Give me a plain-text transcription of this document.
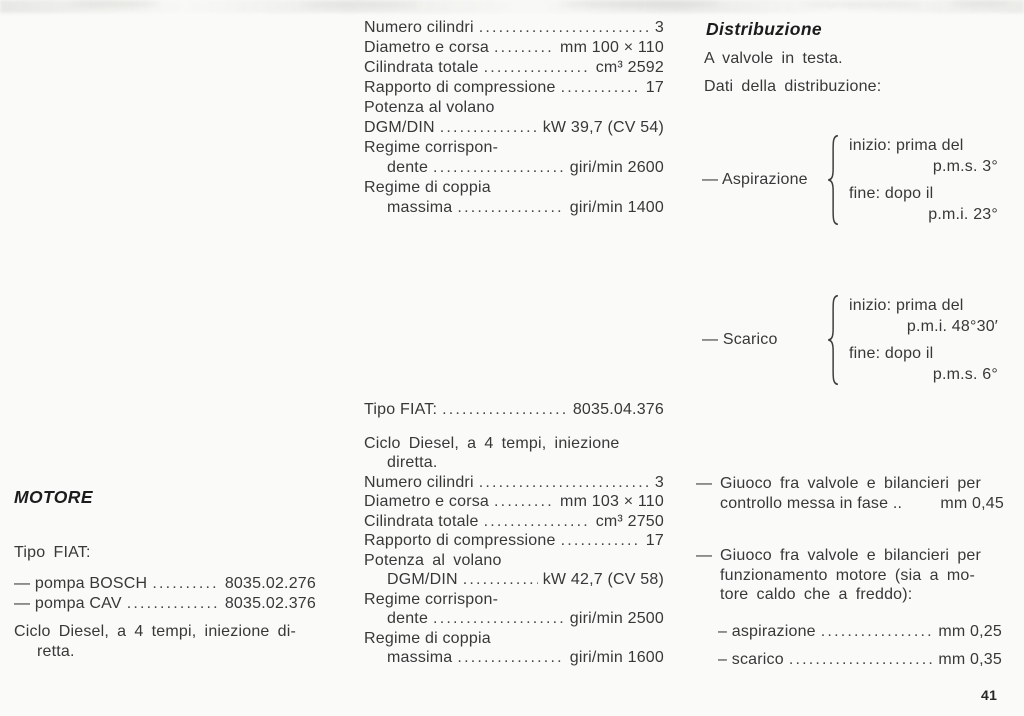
MOTORE
Tipo FIAT:
— pompa BOSCH .....	8035.02.276
— pompa CAV .....	8035.02.376
Ciclo Diesel, a 4 tempi, iniezione di-
retta.
Numero cilindri .....	3
Diametro e corsa .....	mm 100 × 110
Cilindrata totale .....	cm³ 2592
Rapporto di compressione .....	17
Potenza al volano
DGM/DIN .....	kW 39,7 (CV 54)
Regime corrispon-
dente .....	giri/min 2600
Regime di coppia
massima .....	giri/min 1400
Tipo FIAT: .....	8035.04.376
Ciclo Diesel, a 4 tempi, iniezione
diretta.
Numero cilindri .....	3
Diametro e corsa .....	mm 103 × 110
Cilindrata totale .....	cm³ 2750
Rapporto di compressione .....	17
Potenza al volano
DGM/DIN .....	kW 42,7 (CV 58)
Regime corrispon-
dente .....	giri/min 2500
Regime di coppia
massima .....	giri/min 1600
Distribuzione
A valvole in testa.
Dati della distribuzione:
— Aspirazione
inizio: prima del
p.m.s. 3°
fine: dopo il
p.m.i. 23°
— Scarico
inizio: prima del
p.m.i. 48°30′
fine: dopo il
p.m.s. 6°
— Giuoco fra valvole e bilancieri per
controllo messa in fase .. mm 0,45
— Giuoco fra valvole e bilancieri per
funzionamento motore (sia a mo-
tore caldo che a freddo):
– aspirazione .....	mm 0,25
– scarico .....	mm 0,35
41
